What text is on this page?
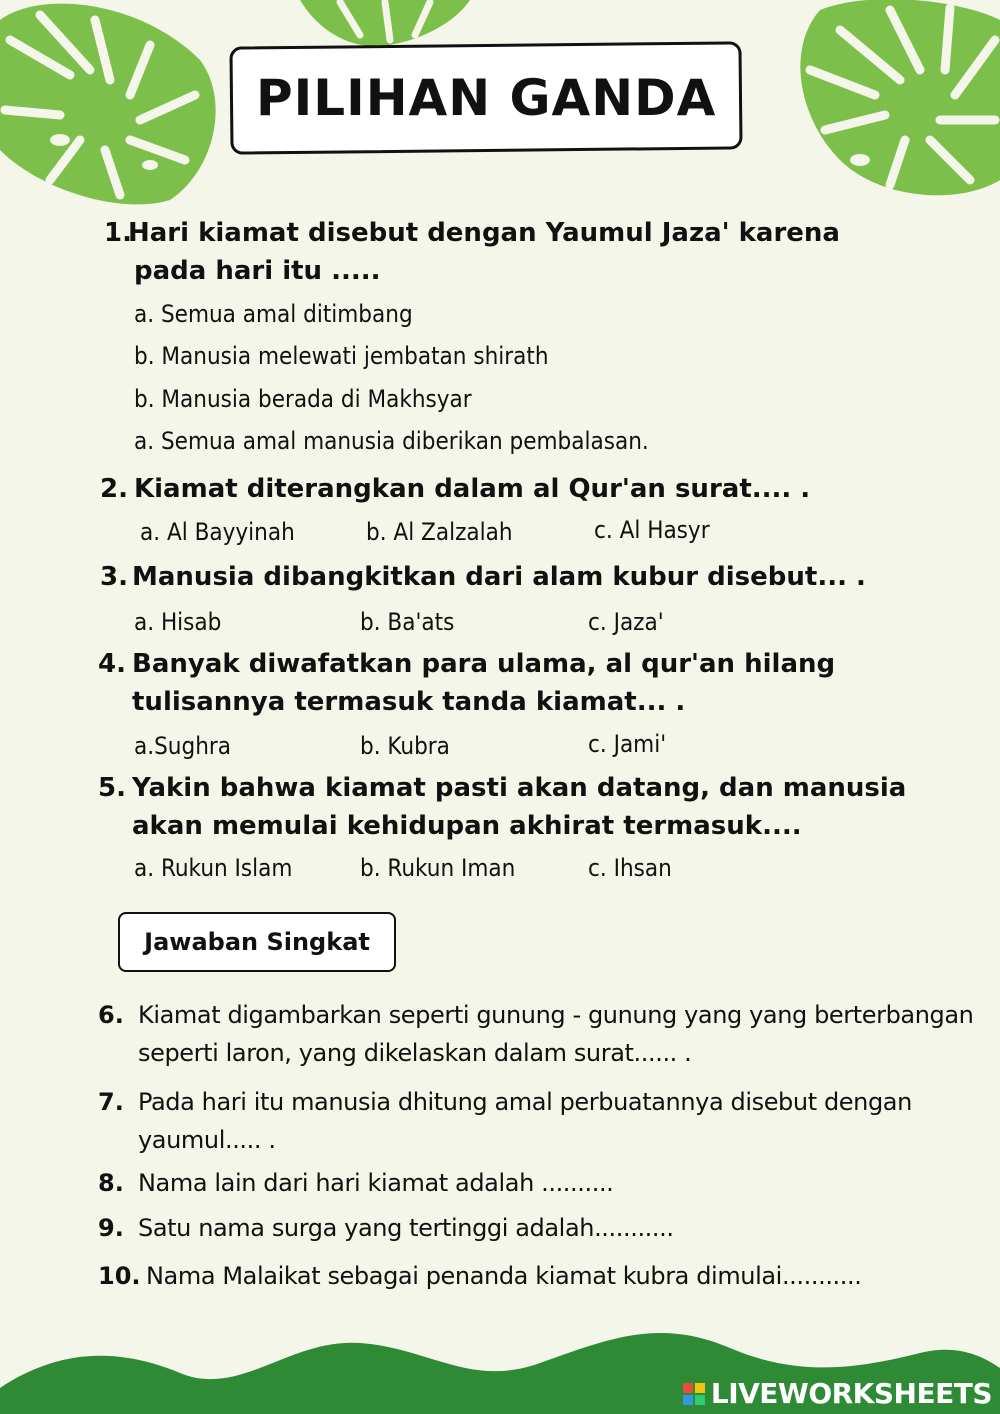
PILIHAN GANDA
1.
Hari kiamat disebut dengan Yaumul Jaza' karena
pada hari itu .....
a. Semua amal ditimbang
b. Manusia melewati jembatan shirath
b. Manusia berada di Makhsyar
a. Semua amal manusia diberikan pembalasan.
2. Kiamat diterangkan dalam al Qur'an surat.... .
a. Al Bayyinah	b. Al Zalzalah	c. Al Hasyr
3. Manusia dibangkitkan dari alam kubur disebut... .
a. Hisab	b. Ba'ats	c. Jaza'
4. Banyak diwafatkan para ulama, al qur'an hilang
tulisannya termasuk tanda kiamat... .
a.Sughra	b. Kubra	c. Jami'
5. Yakin bahwa kiamat pasti akan datang, dan manusia
akan memulai kehidupan akhirat termasuk....
a. Rukun Islam	b. Rukun Iman	c. Ihsan
Jawaban Singkat
6. Kiamat digambarkan seperti gunung - gunung yang yang berterbangan
seperti laron, yang dikelaskan dalam surat...... .
7. Pada hari itu manusia dhitung amal perbuatannya disebut dengan
yaumul..... .
8. Nama lain dari hari kiamat adalah ..........
9. Satu nama surga yang tertinggi adalah...........
10. Nama Malaikat sebagai penanda kiamat kubra dimulai...........
LIVEWORKSHEETS
